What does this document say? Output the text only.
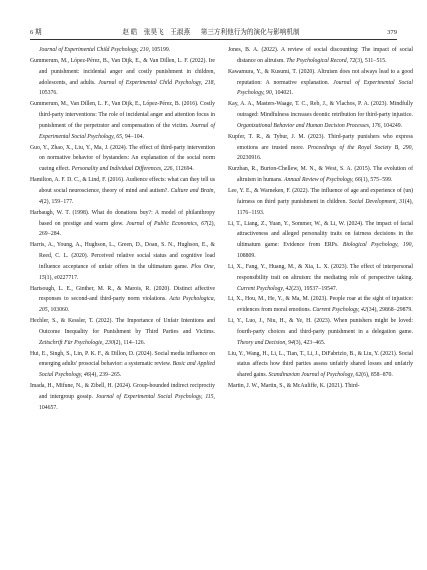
6 期	赵 皓 张昊飞 王淑燕 第三方利他行为的演化与影响机制	379
Journal of Experimental Child Psychology, 210, 105199.
Gummerum, M., López-Pérez, B., Van Dijk, E., & Van Dillen, L. F. (2022). Ire and punishment: incidental anger and costly punishment in children, adolescents, and adults. Journal of Experimental Child Psychology, 218, 105376.
Gummerum, M., Van Dillen, L. F., Van Dijk, E., López-Pérez, B. (2016). Costly third-party interventions: The role of incidental anger and attention focus in punishment of the perpetrator and compensation of the victim. Journal of Experimental Social Psychology, 65, 94−104.
Guo, Y., Zhao, X., Liu, Y., Ma, J. (2024). The effect of third-party intervention on normative behavior of bystanders: An explanation of the social norm cueing effect. Personality and Individual Differences, 226, 112694.
Hamilton, A. F. D. C., & Lind, F. (2016). Audience effects: what can they tell us about social neuroscience, theory of mind and autism?. Culture and Brain, 4(2), 159−177.
Harbaugh, W. T. (1998). What do donations buy?: A model of philanthropy based on prestige and warm glow. Journal of Public Economics, 67(2), 269−284.
Harris, A., Young, A., Hughson, L., Green, D., Doan, S. N., Hughson, E., & Reed, C. L. (2020). Perceived relative social status and cognitive load influence acceptance of unfair offers in the ultimatum game. Plos One, 15(1), e0227717.
Hartsough, L. E., Ginther, M. R., & Marois, R. (2020). Distinct affective responses to second-and third-party norm violations. Acta Psychologica, 205, 103060.
Hechler, S., & Kessler, T. (2022). The Importance of Unfair Intentions and Outcome Inequality for Punishment by Third Parties and Victims. Zeitschrift Für Psychologie, 230(2), 114−126.
Hui, E., Singh, S., Lin, P. K. F., & Dillon, D. (2024). Social media influence on emerging adults' prosocial behavior: a systematic review. Basic and Applied Social Psychology, 46(4), 239−265.
Imada, H., Mifune, N., & Zibell, H. (2024). Group-bounded indirect reciprocity and intergroup gossip. Journal of Experimental Social Psychology, 115, 104657.
Jones, B. A. (2022). A review of social discounting: The impact of social distance on altruism. The Psychological Record, 72(3), 511−515.
Kawamura, Y., & Kusumi, T. (2020). Altruism does not always lead to a good reputation: A normative explanation. Journal of Experimental Social Psychology, 90, 104021.
Kay, A. A., Masters-Waage, T. C., Reb, J., & Vlachos, P. A. (2023). Mindfully outraged: Mindfulness increases deontic retribution for third-party injustice. Organizational Behavior and Human Decision Processes, 176, 104249.
Kupfer, T. R., & Tybur, J. M. (2023). Third-party punishers who express emotions are trusted more. Proceedings of the Royal Society B, 290, 20230916.
Kurzban, R., Burton-Chellew, M. N., & West, S. A. (2015). The evolution of altruism in humans. Annual Review of Psychology, 66(1), 575−599.
Lee, Y. E., & Warneken, F. (2022). The influence of age and experience of (un) fairness on third party punishment in children. Social Development, 31(4), 1176−1193.
Li, T., Liang, Z., Yuan, Y., Sommer, W., & Li, W. (2024). The impact of facial attractiveness and alleged personality traits on fairness decisions in the ultimatum game: Evidence from ERPs. Biological Psychology, 190, 108809.
Li, X., Fang, Y., Huang, M., & Xia, L. X. (2023). The effect of interpersonal responsibility trait on altruism: the mediating role of perspective taking. Current Psychology, 42(23), 19537−19547.
Li, X., Hou, M., He, Y., & Ma, M. (2023). People roar at the sight of injustice: evidences from moral emotions. Current Psychology, 42(34), 29868−29879.
Li, Y., Luo, J., Niu, H., & Ye, H. (2023). When punishers might be loved: fourth-party choices and third-party punishment in a delegation game. Theory and Decision, 94(3), 423−465.
Liu, Y., Wang, H., Li, L., Tian, T., Li, J., DiFabrizio, B., & Liu, Y. (2021). Social status affects how third parties assess unfairly shared losses and unfairly shared gains. Scandinavian Journal of Psychology, 62(6), 858−870.
Martin, J. W., Martin, S., & McAuliffe, K. (2021). Third-
